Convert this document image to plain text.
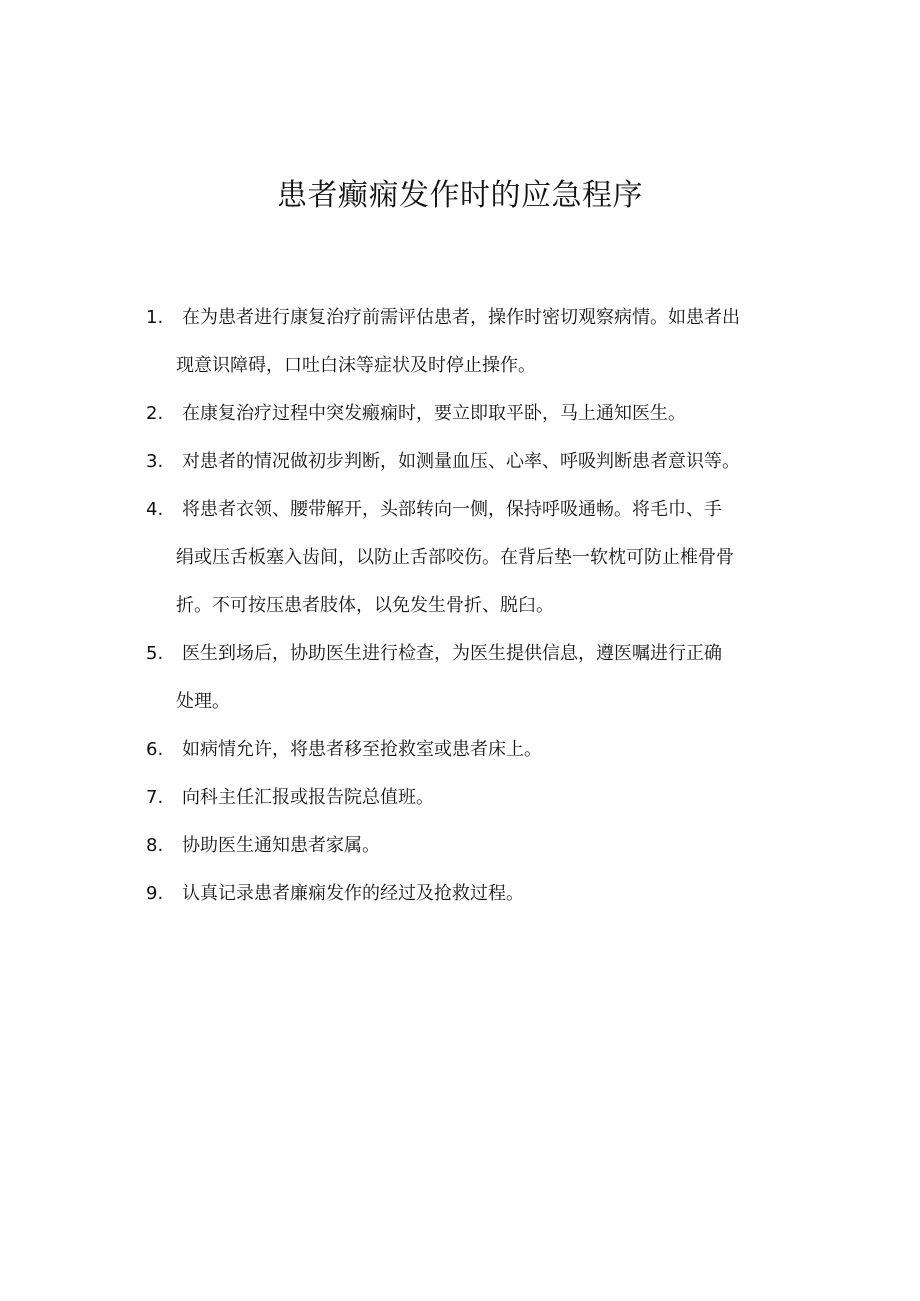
患者癫痫发作时的应急程序
1. 在为患者进行康复治疗前需评估患者，操作时密切观察病情。如患者出
现意识障碍，口吐白沫等症状及时停止操作。
2. 在康复治疗过程中突发瘢痫时，要立即取平卧，马上通知医生。
3. 对患者的情况做初步判断，如测量血压、心率、呼吸判断患者意识等。
4. 将患者衣领、腰带解开，头部转向一侧，保持呼吸通畅。将毛巾、手
绢或压舌板塞入齿间，以防止舌部咬伤。在背后垫一软枕可防止椎骨骨
折。不可按压患者肢体，以免发生骨折、脱臼。
5. 医生到场后，协助医生进行检查，为医生提供信息，遵医嘱进行正确
处理。
6. 如病情允许，将患者移至抢救室或患者床上。
7. 向科主任汇报或报告院总值班。
8. 协助医生通知患者家属。
9. 认真记录患者廉痫发作的经过及抢救过程。
